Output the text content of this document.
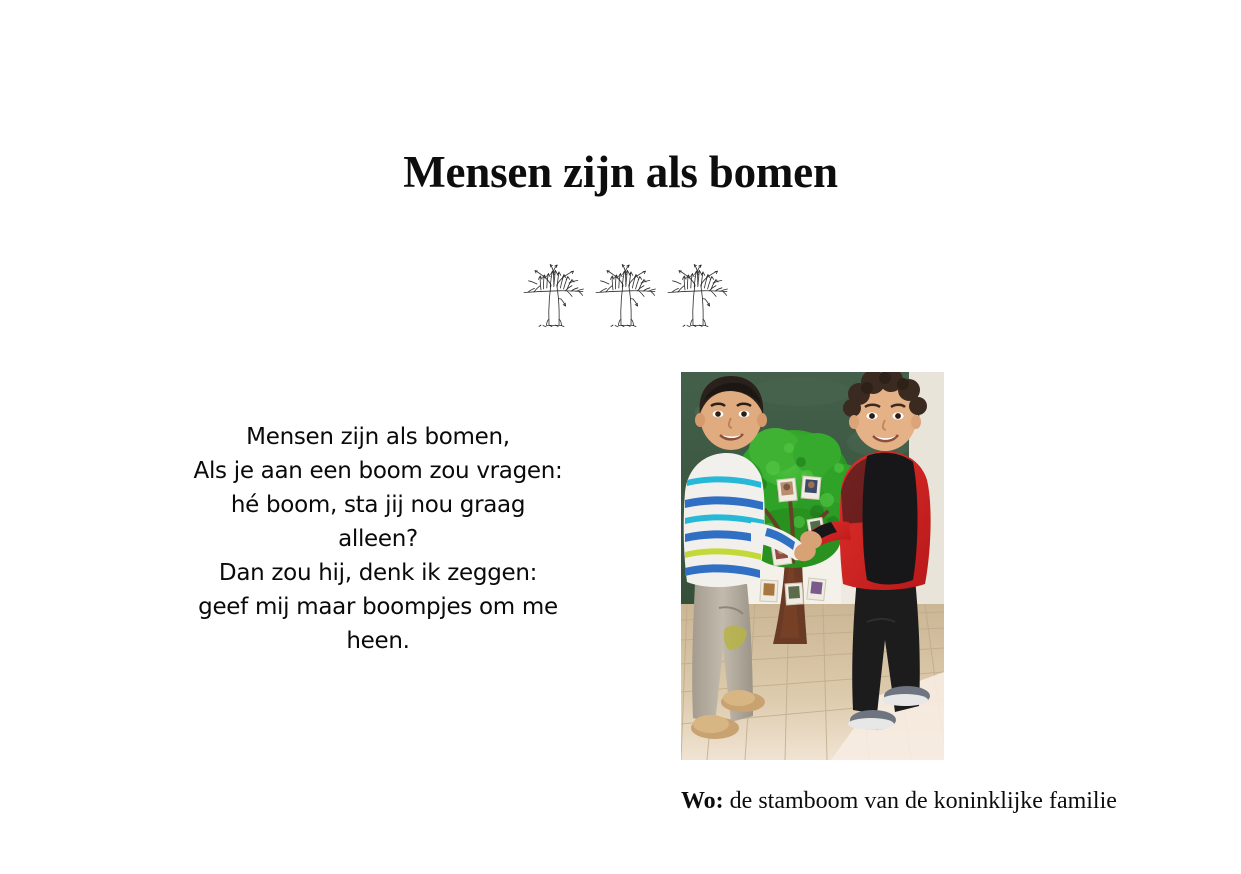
Mensen zijn als bomen
Mensen zijn als bomen,
Als je aan een boom zou vragen:
hé boom, sta jij nou graag
alleen?
Dan zou hij, denk ik zeggen:
geef mij maar boompjes om me
heen.
Wo: de stamboom van de koninklijke familie
